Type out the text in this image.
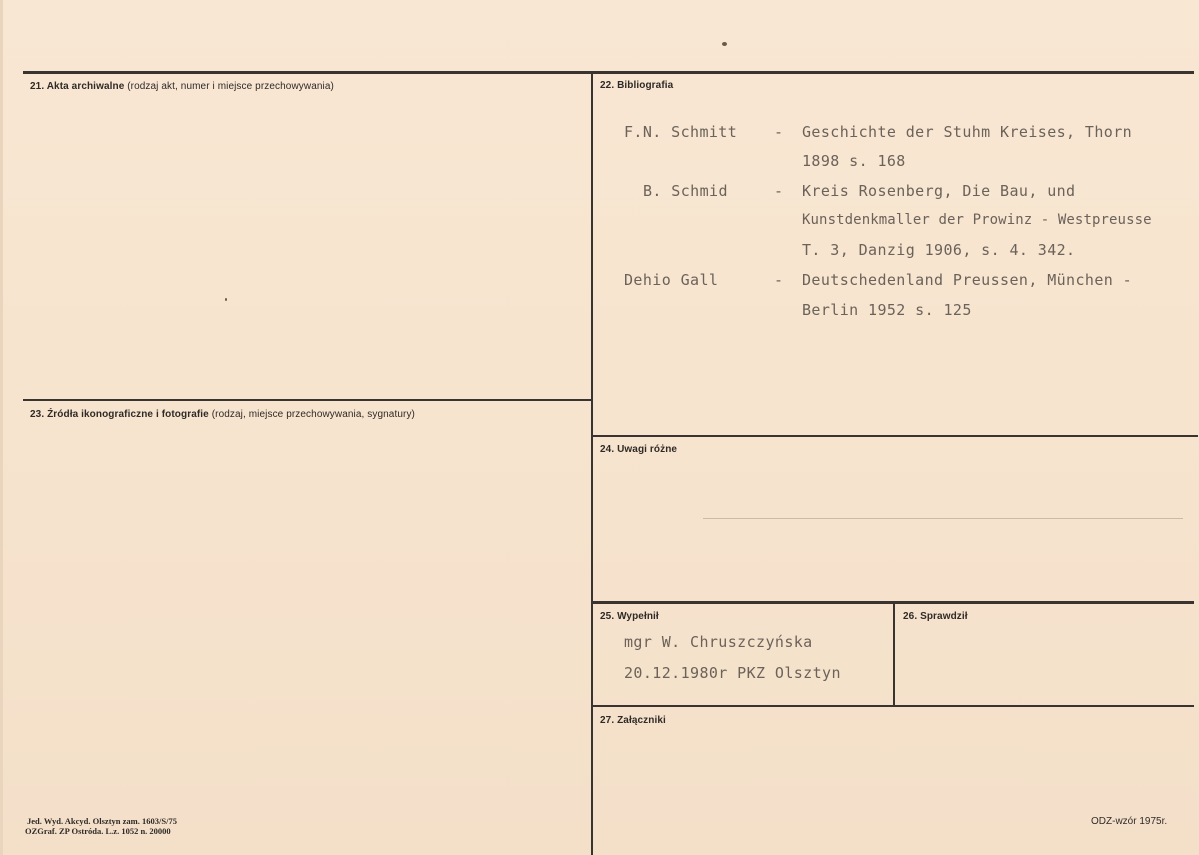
21. Akta archiwalne (rodzaj akt, numer i miejsce przechowywania)	22. Bibliografia
23. Źródła ikonograficzne i fotografie (rodzaj, miejsce przechowywania, sygnatury)
24. Uwagi różne
25. Wypełnił	26. Sprawdził
27. Załączniki
F.N. Schmitt - Geschichte der Stuhm Kreises, Thorn
1898 s. 168
B. Schmid	- Kreis Rosenberg, Die Bau, und
Kunstdenkmaller der Prowinz - Westpreusse
T. 3, Danzig 1906, s. 4. 342.
Dehio Gall	- Deutschedenland Preussen, München -
Berlin 1952 s. 125
mgr W. Chruszczyńska
20.12.1980r PKZ Olsztyn
Jed. Wyd. Akcyd. Olsztyn zam. 1603/S/75
OZGraf. ZP Ostróda. L.z. 1052 n. 20000
ODZ-wzór 1975r.
